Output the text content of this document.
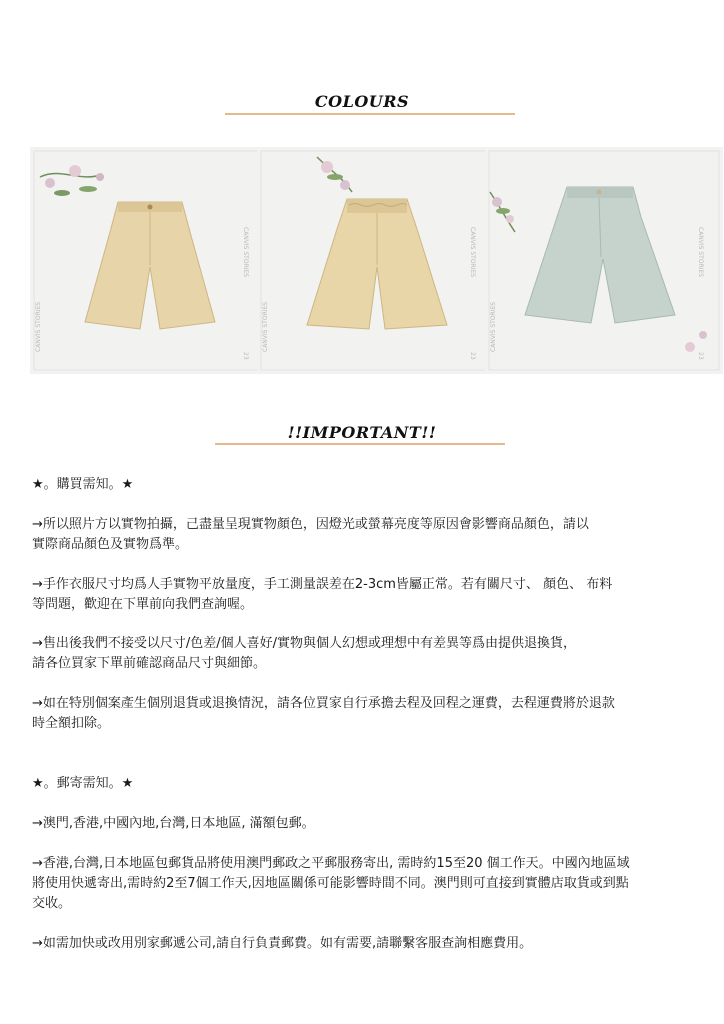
COLOURS
CANVIS STORIES
23
CANVIS STORIES
CANVIS STORIES
23
CANVIS STORIES
CANVIS STORIES
23
CANVIS STORIES
!!IMPORTANT!!
★。購買需知。★
→所以照片方以實物拍攝，己盡量呈現實物顏色，因燈光或螢幕亮度等原因會影響商品顏色，請以
實際商品顏色及實物爲準。
→手作衣服尺寸均爲人手實物平放量度，手工測量誤差在2-3cm皆屬正常。若有關尺寸、 顏色、 布料
等問題，歡迎在下單前向我們查詢喔。
→售出後我們不接受以尺寸/色差/個人喜好/實物與個人幻想或理想中有差異等爲由提供退換貨，
請各位買家下單前確認商品尺寸與細節。
→如在特別個案產生個別退貨或退換情況，請各位買家自行承擔去程及回程之運費，去程運費將於退款
時全額扣除。
★。郵寄需知。★
→澳門,香港,中國內地,台灣,日本地區, 滿額包郵。
→香港,台灣,日本地區包郵貨品將使用澳門郵政之平郵服務寄出, 需時約15至20 個工作天。中國內地區域
將使用快遞寄出,需時約2至7個工作天,因地區關係可能影響時間不同。澳門則可直接到實體店取貨或到點
交收。
→如需加快或改用別家郵遞公司,請自行負責郵費。如有需要,請聯繫客服查詢相應費用。
